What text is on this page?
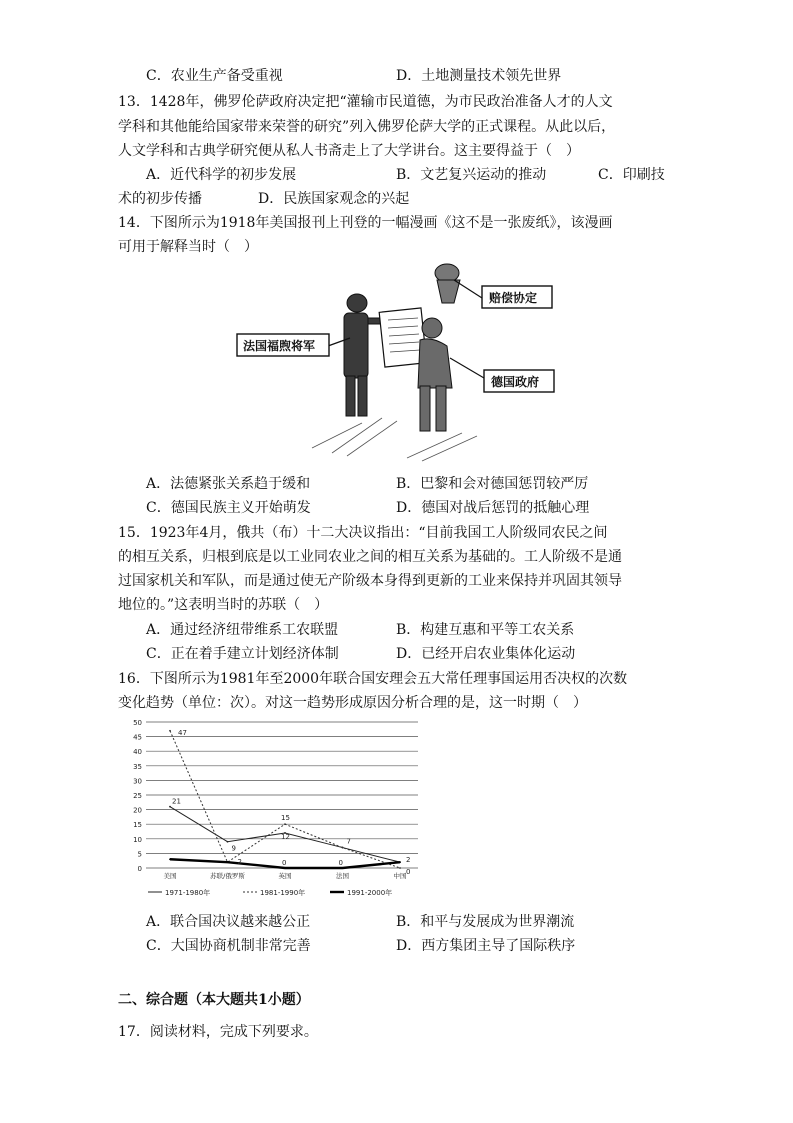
C．农业生产备受重视	D．土地测量技术领先世界
13．1428年，佛罗伦萨政府决定把“灌输市民道德，为市民政治准备人才的人文
学科和其他能给国家带来荣誉的研究”列入佛罗伦萨大学的正式课程。从此以后，
人文学科和古典学研究便从私人书斋走上了大学讲台。这主要得益于（　）
A．近代科学的初步发展	B．文艺复兴运动的推动	C．印刷技
术的初步传播	D．民族国家观念的兴起
14．下图所示为1918年美国报刊上刊登的一幅漫画《这不是一张废纸》，该漫画
可用于解释当时（　）
法国福煦将军
赔偿协定
德国政府
A．法德紧张关系趋于缓和	B．巴黎和会对德国惩罚较严厉
C．德国民族主义开始萌发	D．德国对战后惩罚的抵触心理
15．1923年4月，俄共（布）十二大决议指出：“目前我国工人阶级同农民之间
的相互关系，归根到底是以工业同农业之间的相互关系为基础的。工人阶级不是通
过国家机关和军队，而是通过使无产阶级本身得到更新的工业来保持并巩固其领导
地位的。”这表明当时的苏联（　）
A．通过经济纽带维系工农联盟	B．构建互惠和平等工农关系
C．正在着手建立计划经济体制	D．已经开启农业集体化运动
16．下图所示为1981年至2000年联合国安理会五大常任理事国运用否决权的次数
变化趋势（单位：次）。对这一趋势形成原因分析合理的是，这一时期（　）
0
5
10
15
20
25
30
35
40
45
50
47
21
9
2
15
12
0
7
0	2
0
美国	苏联/俄罗斯	英国	法国	中国
1971-1980年	1981-1990年	1991-2000年
A．联合国决议越来越公正	B．和平与发展成为世界潮流
C．大国协商机制非常完善	D．西方集团主导了国际秩序
二、综合题（本大题共1小题）
17．阅读材料，完成下列要求。
